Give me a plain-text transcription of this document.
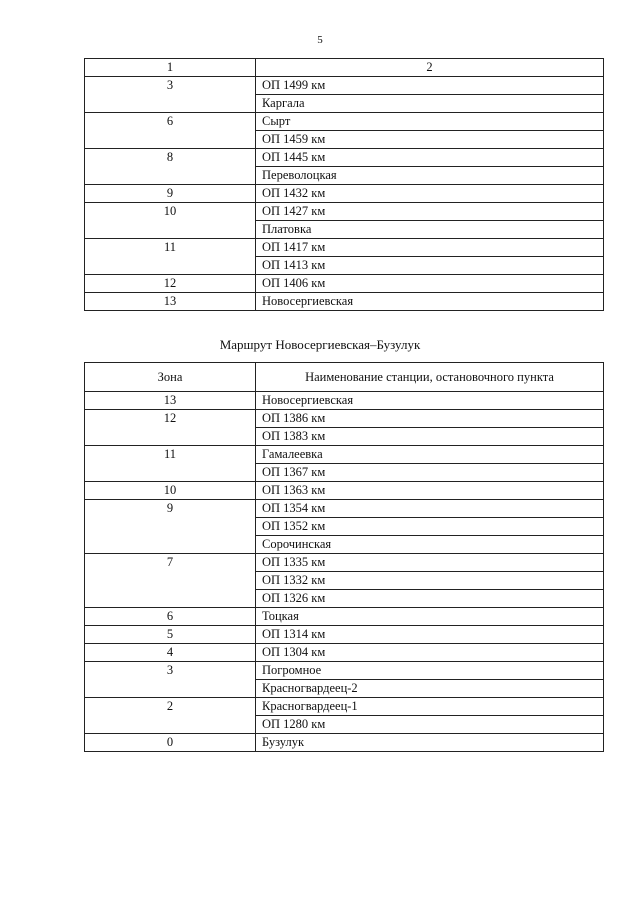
5
1	2
3	ОП 1499 км
	Каргала
6	Сырт
	ОП 1459 км
8	ОП 1445 км
	Переволоцкая
9	ОП 1432 км
10	ОП 1427 км
	Платовка
11	ОП 1417 км
	ОП 1413 км
12	ОП 1406 км
13	Новосергиевская
Маршрут Новосергиевская–Бузулук
Зона	Наименование станции, остановочного пункта
13	Новосергиевская
12	ОП 1386 км
	ОП 1383 км
11	Гамалеевка
	ОП 1367 км
10	ОП 1363 км
9	ОП 1354 км
	ОП 1352 км
	Сорочинская
7	ОП 1335 км
	ОП 1332 км
	ОП 1326 км
6	Тоцкая
5	ОП 1314 км
4	ОП 1304 км
3	Погромное
	Красногвардеец-2
2	Красногвардеец-1
	ОП 1280 км
0	Бузулук
